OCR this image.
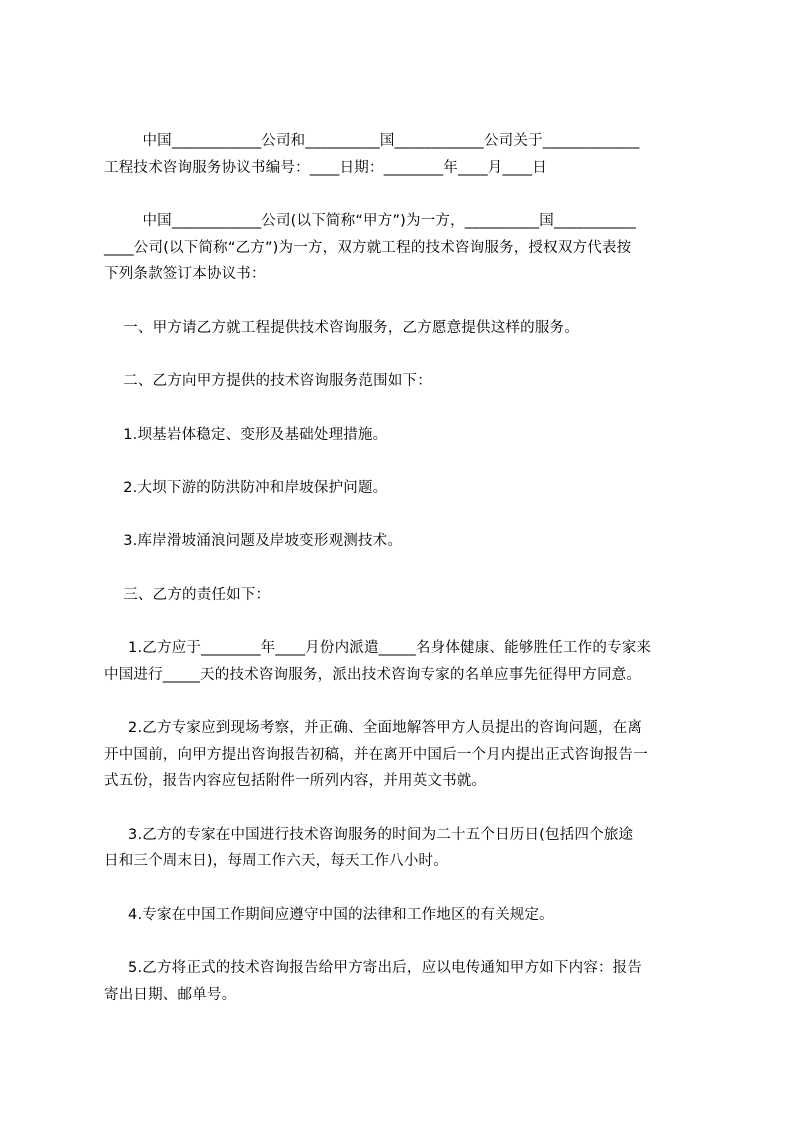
中国____________公司和__________国____________公司关于_____________
工程技术咨询服务协议书编号：____日期：________年____月____日
中国____________公司(以下简称“甲方”)为一方，__________国___________
____公司(以下简称“乙方”)为一方，双方就工程的技术咨询服务，授权双方代表按
下列条款签订本协议书：
一、甲方请乙方就工程提供技术咨询服务，乙方愿意提供这样的服务。
二、乙方向甲方提供的技术咨询服务范围如下：
1.坝基岩体稳定、变形及基础处理措施。
2.大坝下游的防洪防冲和岸坡保护问题。
3.库岸滑坡涌浪问题及岸坡变形观测技术。
三、乙方的责任如下：
1.乙方应于________年____月份内派遣_____名身体健康、能够胜任工作的专家来
中国进行_____天的技术咨询服务，派出技术咨询专家的名单应事先征得甲方同意。
2.乙方专家应到现场考察，并正确、全面地解答甲方人员提出的咨询问题，在离
开中国前，向甲方提出咨询报告初稿，并在离开中国后一个月内提出正式咨询报告一
式五份，报告内容应包括附件一所列内容，并用英文书就。
3.乙方的专家在中国进行技术咨询服务的时间为二十五个日历日(包括四个旅途
日和三个周末日)，每周工作六天，每天工作八小时。
4.专家在中国工作期间应遵守中国的法律和工作地区的有关规定。
5.乙方将正式的技术咨询报告给甲方寄出后，应以电传通知甲方如下内容：报告
寄出日期、邮单号。
